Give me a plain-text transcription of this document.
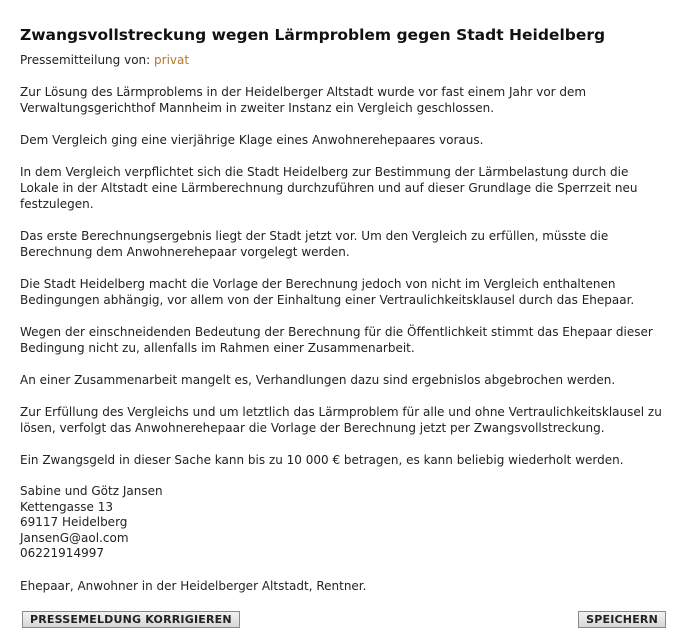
Zwangsvollstreckung wegen Lärmproblem gegen Stadt Heidelberg
Pressemitteilung von: privat

Zur Lösung des Lärmproblems in der Heidelberger Altstadt wurde vor fast einem Jahr vor dem Verwaltungsgerichthof Mannheim in zweiter Instanz ein Vergleich geschlossen.

Dem Vergleich ging eine vierjährige Klage eines Anwohnerehepaares voraus.

In dem Vergleich verpflichtet sich die Stadt Heidelberg zur Bestimmung der Lärmbelastung durch die Lokale in der Altstadt eine Lärmberechnung durchzuführen und auf dieser Grundlage die Sperrzeit neu festzulegen.

Das erste Berechnungsergebnis liegt der Stadt jetzt vor. Um den Vergleich zu erfüllen, müsste die Berechnung dem Anwohnerehepaar vorgelegt werden.

Die Stadt Heidelberg macht die Vorlage der Berechnung jedoch von nicht im Vergleich enthaltenen Bedingungen abhängig, vor allem von der Einhaltung einer Vertraulichkeitsklausel durch das Ehepaar.

Wegen der einschneidenden Bedeutung der Berechnung für die Öffentlichkeit stimmt das Ehepaar dieser Bedingung nicht zu, allenfalls im Rahmen einer Zusammenarbeit.

An einer Zusammenarbeit mangelt es, Verhandlungen dazu sind ergebnislos abgebrochen werden.

Zur Erfüllung des Vergleichs und um letztlich das Lärmproblem für alle und ohne Vertraulichkeitsklausel zu lösen, verfolgt das Anwohnerehepaar die Vorlage der Berechnung jetzt per Zwangsvollstreckung.

Ein Zwangsgeld in dieser Sache kann bis zu 10 000 € betragen, es kann beliebig wiederholt werden.

Sabine und Götz Jansen
Kettengasse 13
69117 Heidelberg
JansenG@aol.com
06221914997

Ehepaar, Anwohner in der Heidelberger Altstadt, Rentner.

PRESSEMELDUNG KORRIGIEREN	SPEICHERN
